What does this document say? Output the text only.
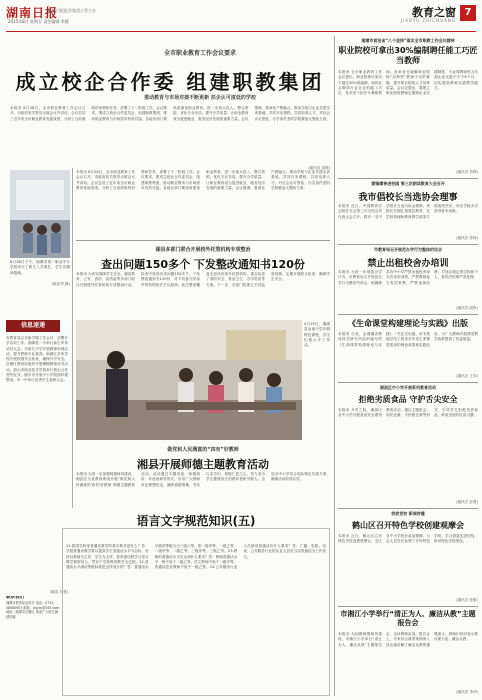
湖南日报
2015年8月 星期五 责任编辑:李健
湖南日报报业集团主管主办	教育之窗
JIAOYU ZHICHUANG
7
全市职业教育工作会议要求
成立校企合作委 组建职教集团
推动教育与市场对接不断更新 扶企认可度低的学校
本报讯 8月28日，全市职业教育工作会议召开。市政府有关领导出席会议并讲话。会议总结了近年来全市职业教育发展成绩，分析了当前面临的形势和任务，部署了下一阶段工作。会议要求，要成立校企合作委员会，组建职教集团，推动职业教育与市场需求有效对接。各地各部门要高度重视职业教育，进一步加大投入，整合资源，优化专业布局，提升办学质量，让职业教育成为促进就业、服务经济发展的重要力量。会议强调，要深化产教融合，推动学校与企业共建实训基地，共同开发课程，共同培养人才。对社会认可度低、办学条件差的学校要加大整改力度。
(通讯员 刘辉)
8月28日下午，湘潭市第一职业中专学校举行了新生入学典礼，学生们精神饱满。
(陈忠华 摄)
本报讯 8月28日，全市职业教育工作会议召开。市政府有关领导出席会议并讲话。会议总结了近年来全市职业教育发展成绩，分析了当前面临的形势和任务，部署了下一阶段工作。会议要求，要成立校企合作委员会，组建职教集团，推动职业教育与市场需求有效对接。各地各部门要高度重视职业教育，进一步加大投入，整合资源，优化专业布局，提升办学质量，让职业教育成为促进就业、服务经济发展的重要力量。会议强调，要深化产教融合，推动学校与企业共建实训基地，共同开发课程，共同培养人才。对社会认可度低、办学条件差的学校要加大整改力度。
信息速递
市教育局召开新学期工作会议，部署开学各项工作。湘潭县一中举行新生军训动员大会。市第九中学开展教师培训活动，提升教师专业素养。雨湖区多所学校开展校园安全检查，确保开学安全。岳塘区教育局组织开展暑期教师读书活动。韶山市职业技术学校举行校企合作签约仪式。湘乡市开展中小学校园环境整治。市一中举行优秀学生表彰大会。
(陈春 吴勇)
湖县多部门联合开展校外托管机构专项整治
查出问题150多个 下发整改通知书120份
本报讯 为切实保障学生安全，湖县教育、公安、消防、食药监等多部门联合开展校外托管机构专项整治行动。检查中发现各类问题150多个，下发整改通知书120份，对不具备办学条件的机构依法予以取缔。此次整治覆盖全县所有校外托管机构，重点检查了消防安全、食品卫生、办学资质等方面。下一步，各部门将建立长效监管机制，定期开展联合检查，确保学生安全。
4月29日，湘潭县金南中学开展特色课程，学生们展示手工作品。
做党和人民满意的“四有”好教师
湘县开展师德主题教育活动
本报讯 为进一步加强师德师风建设，湘县在全县教育系统开展“做党和人民满意的‘四有’好教师”师德主题教育活动。活动通过专题讲座、师德演讲、评选表彰等形式，引导广大教师坚定理想信念，涵养道德情操，夯实扎实学识，厚植仁爱之心，努力成为学生健康成长的指导者和引路人。全县各中小学结合实际制定实施方案，确保活动取得实效。
语言文字规范知识(五)
21.我国学校里普通话教学的基本要求是什么？答：学校普通话教学要以提高学生普通话水平为目标，坚持以教师为主导、学生为主体，将普通话教学与语文教学紧密结合，贯穿于学校教育教学全过程。22.普通话水平测试等级标准是怎样划分的？答：普通话水平测试等级分为三级六等，即一级甲等、一级乙等、二级甲等、二级乙等、三级甲等、三级乙等。23.教师的普通话水平应达到什么要求？答：教师普通话水平一般不低于二级乙等，语文教师不低于二级甲等，普通话语音教师不低于一级乙等。24.公共服务行业人员使用普通话有什么要求？答：广播、电影、电视、公共服务行业的从业人员应当以普通话为工作语言。
联系我们
湘潭市教育局宣传办 电话：0731-58580957 邮箱：xtjyxc@163.com 地址：湘潭市岳塘区 欢迎广大师生踊跃投稿
湘潭市首批省“八个坚持”落实全市职教工作会议精神
职业院校可拿出30%编制聘任能工巧匠当教师
本报讯 全市职业教育工作会议提出，职业院校可拿出不超过30%的编制，面向社会聘请行业企业的能工巧匠、技术骨干担任专兼职教师。此举旨在破解职业院校“双师型”教师不足的难题，提升职业院校人才培养质量。会议还提出，要建立职业院校教师定期到企业实践制度，专业课教师每五年到企业实践不少于6个月，切实提高教师实践教学能力。
(通讯员 刘辉)
雷锋精神进校园 第三次朗读教育大会召开
我市倡校长当选协会理事
本报讯 近日，中国教育学会校长分会第三次全国会员代表大会召开，我市一名中学校长当选为协会理事。该校长长期扎根基层教育，在学校管理和教育教学改革方面成绩突出，所在学校多次获得省市表彰。
(通讯员 曾林)
市教育局召开规范办学行为整体约谈会
禁止出租校舍办培训
本报讯 为进一步规范办学行为，市教育局召开规范办学行为整体约谈会，明确要求各中小学严禁出租校舍举办各类培训班，严禁教师参与有偿家教，严禁违规收费。对违反规定的学校和个人，将依法依规严肃处理。
(通讯员 段琪)
《生命课堂构建理论与实践》出版
本报讯 日前，由湘潭市教育科学研究所组织编写的《生命课堂构建理论与实践》一书正式出版。该书系统总结了我市多年来生命课堂建设的理论成果和实践经验，为广大教师开展课堂教学改革提供了有益借鉴。
(通讯员 王芳)
湘滨区中小学开展系列教育活动
拒绝劣质食品 守护舌尖安全
本报讯 开学之际，湘滨区各中小学开展食品安全系列教育活动，通过主题班会、知识竞赛、手抄报比赛等形式，引导学生拒绝劣质食品，养成良好的饮食习惯。
(通讯员 彭勇)
我家党校 新城传播
鹤山区召开特色学校创建观摩会
本报讯 近日，鹤山区召开特色学校创建观摩会，全区各中小学校长参加观摩。与会人员先后参观了多所特色学校，学习借鉴先进经验，推动特色学校建设。
(通讯员 张敏)
市湘江小学举行“清正为人、廉洁从教”主题报告会
本报讯 为加强师德师风建设，市湘江小学举行“清正为人、廉洁从教”主题报告会，全体教师参加。报告会上，专家结合典型案例深入浅出地讲解了廉洁从教的重要意义，教师们纷纷表示要以案为鉴，廉洁从教。
(通讯员 李华)
